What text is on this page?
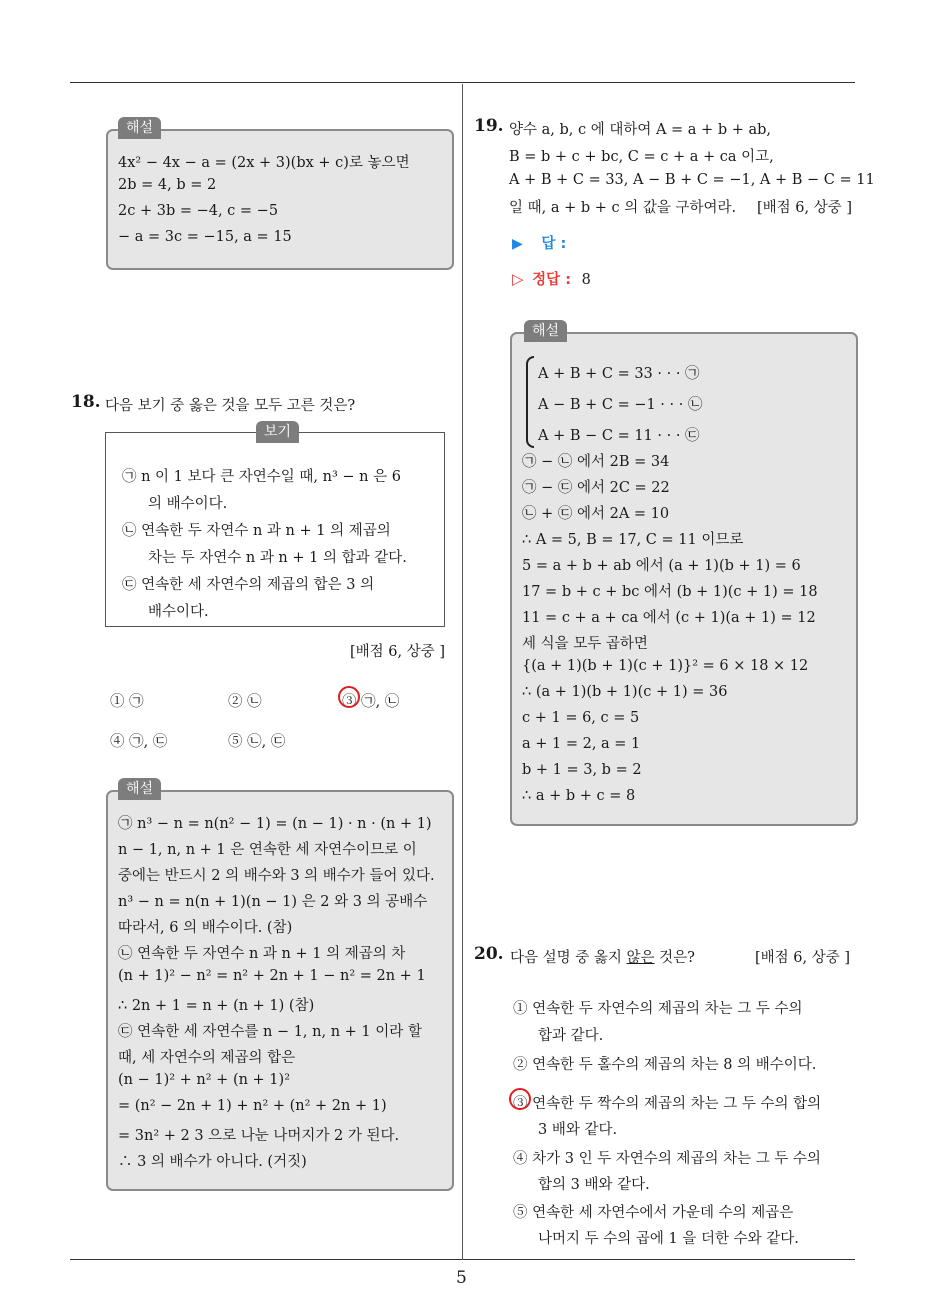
해설
4x² − 4x − a = (2x + 3)(bx + c)로 놓으면
2b = 4, b = 2
2c + 3b = −4, c = −5
− a = 3c = −15, a = 15
18. 다음 보기 중 옳은 것을 모두 고른 것은?
보기
㉠ n 이 1 보다 큰 자연수일 때, n³ − n 은 6
의 배수이다.
㉡ 연속한 두 자연수 n 과 n + 1 의 제곱의
차는 두 자연수 n 과 n + 1 의 합과 같다.
㉢ 연속한 세 자연수의 제곱의 합은 3 의
배수이다.
[배점 6, 상중 ]
① ㉠	② ㉡	③ ㉠, ㉡
④ ㉠, ㉢	⑤ ㉡, ㉢
해설
㉠ n³ − n = n(n² − 1) = (n − 1) · n · (n + 1)
n − 1, n, n + 1 은 연속한 세 자연수이므로 이
중에는 반드시 2 의 배수와 3 의 배수가 들어 있다.
n³ − n = n(n + 1)(n − 1) 은 2 와 3 의 공배수
따라서, 6 의 배수이다. (참)
㉡ 연속한 두 자연수 n 과 n + 1 의 제곱의 차
(n + 1)² − n² = n² + 2n + 1 − n² = 2n + 1
∴ 2n + 1 = n + (n + 1) (참)
㉢ 연속한 세 자연수를 n − 1, n, n + 1 이라 할
때, 세 자연수의 제곱의 합은
(n − 1)² + n² + (n + 1)²
= (n² − 2n + 1) + n² + (n² + 2n + 1)
= 3n² + 2 3 으로 나눈 나머지가 2 가 된다.
∴ 3 의 배수가 아니다. (거짓)
19. 양수 a, b, c 에 대하여 A = a + b + ab,
B = b + c + bc, C = c + a + ca 이고,
A + B + C = 33, A − B + C = −1, A + B − C = 11
일 때, a + b + c 의 값을 구하여라. [배점 6, 상중 ]
▶ 답 :
▷ 정답 : 8
해설
A + B + C = 33 · · · ㉠
A − B + C = −1 · · · ㉡
A + B − C = 11 · · · ㉢
㉠ − ㉡ 에서 2B = 34
㉠ − ㉢ 에서 2C = 22
㉡ + ㉢ 에서 2A = 10
∴ A = 5, B = 17, C = 11 이므로
5 = a + b + ab 에서 (a + 1)(b + 1) = 6
17 = b + c + bc 에서 (b + 1)(c + 1) = 18
11 = c + a + ca 에서 (c + 1)(a + 1) = 12
세 식을 모두 곱하면
{(a + 1)(b + 1)(c + 1)}² = 6 × 18 × 12
∴ (a + 1)(b + 1)(c + 1) = 36
c + 1 = 6, c = 5
a + 1 = 2, a = 1
b + 1 = 3, b = 2
∴ a + b + c = 8
20. 다음 설명 중 옳지 않은 것은?	[배점 6, 상중 ]
① 연속한 두 자연수의 제곱의 차는 그 두 수의
합과 같다.
② 연속한 두 홀수의 제곱의 차는 8 의 배수이다.
③ 연속한 두 짝수의 제곱의 차는 그 두 수의 합의
3 배와 같다.
④ 차가 3 인 두 자연수의 제곱의 차는 그 두 수의
합의 3 배와 같다.
⑤ 연속한 세 자연수에서 가운데 수의 제곱은
나머지 두 수의 곱에 1 을 더한 수와 같다.
5
